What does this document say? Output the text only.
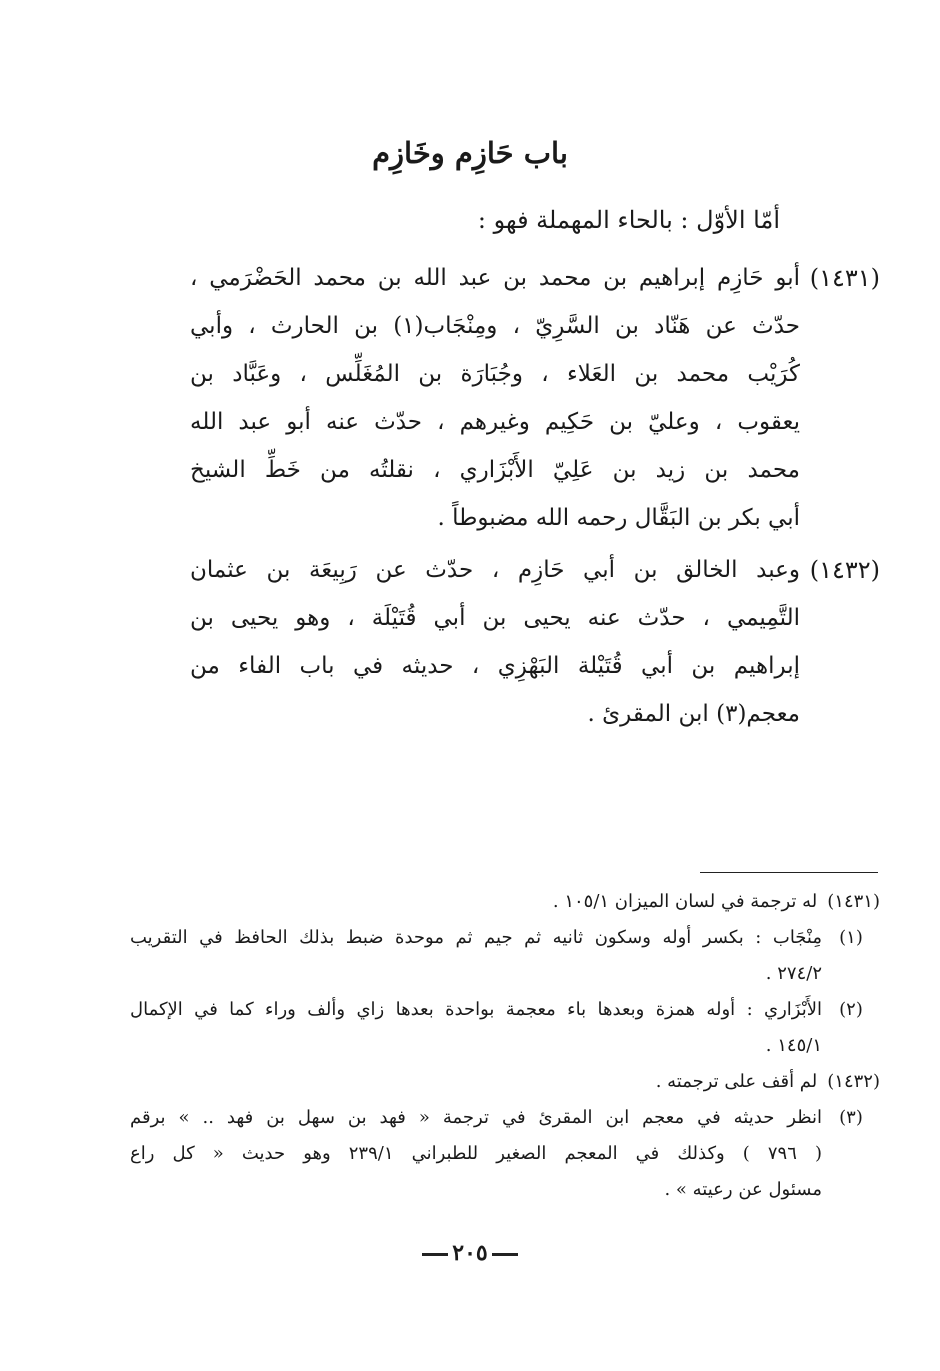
باب حَازِم وخَازِم
أمّا الأوّل : بالحاء المهملة فهو :
(١٤٣١)
أبو حَازِم إبراهيم بن محمد بن عبد الله بن محمد الحَضْرَمي ،
حدّث عن هَنّاد بن السَّرِيّ ، ومِنْجَاب(١) بن الحارث ، وأبي
كُرَيْب محمد بن العَلاء ، وجُبَارَة بن المُغَلِّس ، وعَبَّاد بن
يعقوب ، وعليّ بن حَكِيم وغيرهم ، حدّث عنه أبو عبد الله
محمد بن زيد بن عَلِيّ الأَبْزَاري ، نقلتُه من خَطِّ الشيخ
أبي بكر بن البَقَّال رحمه الله مضبوطاً .
(١٤٣٢)
وعبد الخالق بن أبي حَازِم ، حدّث عن رَبِيعَة بن عثمان
التَّمِيمي ، حدّث عنه يحيى بن أبي قُتَيْلَة ، وهو يحيى بن
إبراهيم بن أبي قُتَيْلة البَهْزِي ، حديثه في باب الفاء من
معجم(٣) ابن المقرئ .
(١٤٣١)
له ترجمة في لسان الميزان ١٠٥/١ .
(١)
مِنْجَاب : بكسر أوله وسكون ثانيه ثم جيم ثم موحدة ضبط بذلك الحافظ في التقريب
٢٧٤/٢ .
(٢)
الأَبْزَاري : أوله همزة وبعدها باء معجمة بواحدة بعدها زاي وألف وراء كما في الإكمال
١٤٥/١ .
(١٤٣٢)
لم أقف على ترجمته .
(٣)
انظر حديثه في معجم ابن المقرئ في ترجمة « فهد بن سهل بن فهد .. » برقم
( ٧٩٦ ) وكذلك في المعجم الصغير للطبراني ٢٣٩/١ وهو حديث « كل راع
مسئول عن رعيته » .
٢٠٥
